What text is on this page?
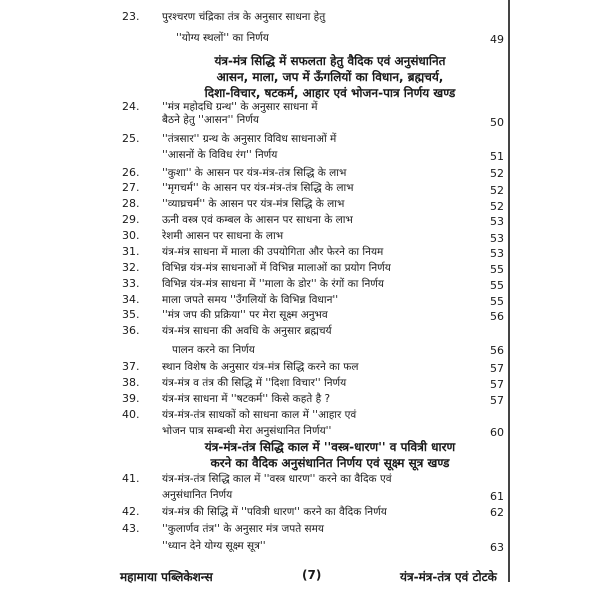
23.	पुरश्चरण चंद्रिका तंत्र के अनुसार साधना हेतु
''योग्य स्थलों'' का निर्णय	49
यंत्र-मंत्र सिद्धि में सफलता हेतु वैदिक एवं अनुसंधानित
आसन, माला, जप में ऊँगलियों का विधान, ब्रह्मचर्य,
दिशा-विचार, षटकर्म, आहार एवं भोजन-पात्र निर्णय खण्ड
24.	''मंत्र महोदधि ग्रन्थ'' के अनुसार साधना में
बैठने हेतु ''आसन'' निर्णय	50
25.	''तंत्रसार'' ग्रन्थ के अनुसार विविध साधनाओं में
''आसनों के विविध रंग'' निर्णय	51
26.	''कुशा'' के आसन पर यंत्र-मंत्र-तंत्र सिद्धि के लाभ	52
27.	''मृगचर्म'' के आसन पर यंत्र-मंत्र-तंत्र सिद्धि के लाभ	52
28.	''व्याघ्रचर्म'' के आसन पर यंत्र-मंत्र सिद्धि के लाभ	52
29.	ऊनी वस्त्र एवं कम्बल के आसन पर साधना के लाभ	53
30.	रेशमी आसन पर साधना के लाभ	53
31.	यंत्र-मंत्र साधना में माला की उपयोगिता और फेरने का नियम	53
32.	विभिन्न यंत्र-मंत्र साधनाओं में विभिन्न मालाओं का प्रयोग निर्णय	55
33.	विभिन्न यंत्र-मंत्र साधना में ''माला के डोर'' के रंगों का निर्णय	55
34.	माला जपते समय ''उँगलियों के विभिन्न विधान''	55
35.	''मंत्र जप की प्रक्रिया'' पर मेरा सूक्ष्म अनुभव	56
36.	यंत्र-मंत्र साधना की अवधि के अनुसार ब्रह्मचर्य
पालन करने का निर्णय	56
37.	स्थान विशेष के अनुसार यंत्र-मंत्र सिद्धि करने का फल	57
38.	यंत्र-मंत्र व तंत्र की सिद्धि में ''दिशा विचार'' निर्णय	57
39.	यंत्र-मंत्र साधना में ''षटकर्म'' किसे कहते है ?	57
40.	यंत्र-मंत्र-तंत्र साधकों को साधना काल में ''आहार एवं
भोजन पात्र सम्बन्धी मेरा अनुसंधानित निर्णय''	60
यंत्र-मंत्र-तंत्र सिद्धि काल में ''वस्त्र-धारण'' व पवित्री धारण
करने का वैदिक अनुसंधानित निर्णय एवं सूक्ष्म सूत्र खण्ड
41.	यंत्र-मंत्र-तंत्र सिद्धि काल में ''वस्त्र धारण'' करने का वैदिक एवं
अनुसंधानित निर्णय	61
42.	यंत्र-मंत्र की सिद्धि में ''पवित्री धारण'' करने का वैदिक निर्णय	62
43.	''कुलार्णव तंत्र'' के अनुसार मंत्र जपते समय
''ध्यान देने योग्य सूक्ष्म सूत्र''	63
महामाया पब्लिकेशन्स	(7)	यंत्र-मंत्र-तंत्र एवं टोटके
